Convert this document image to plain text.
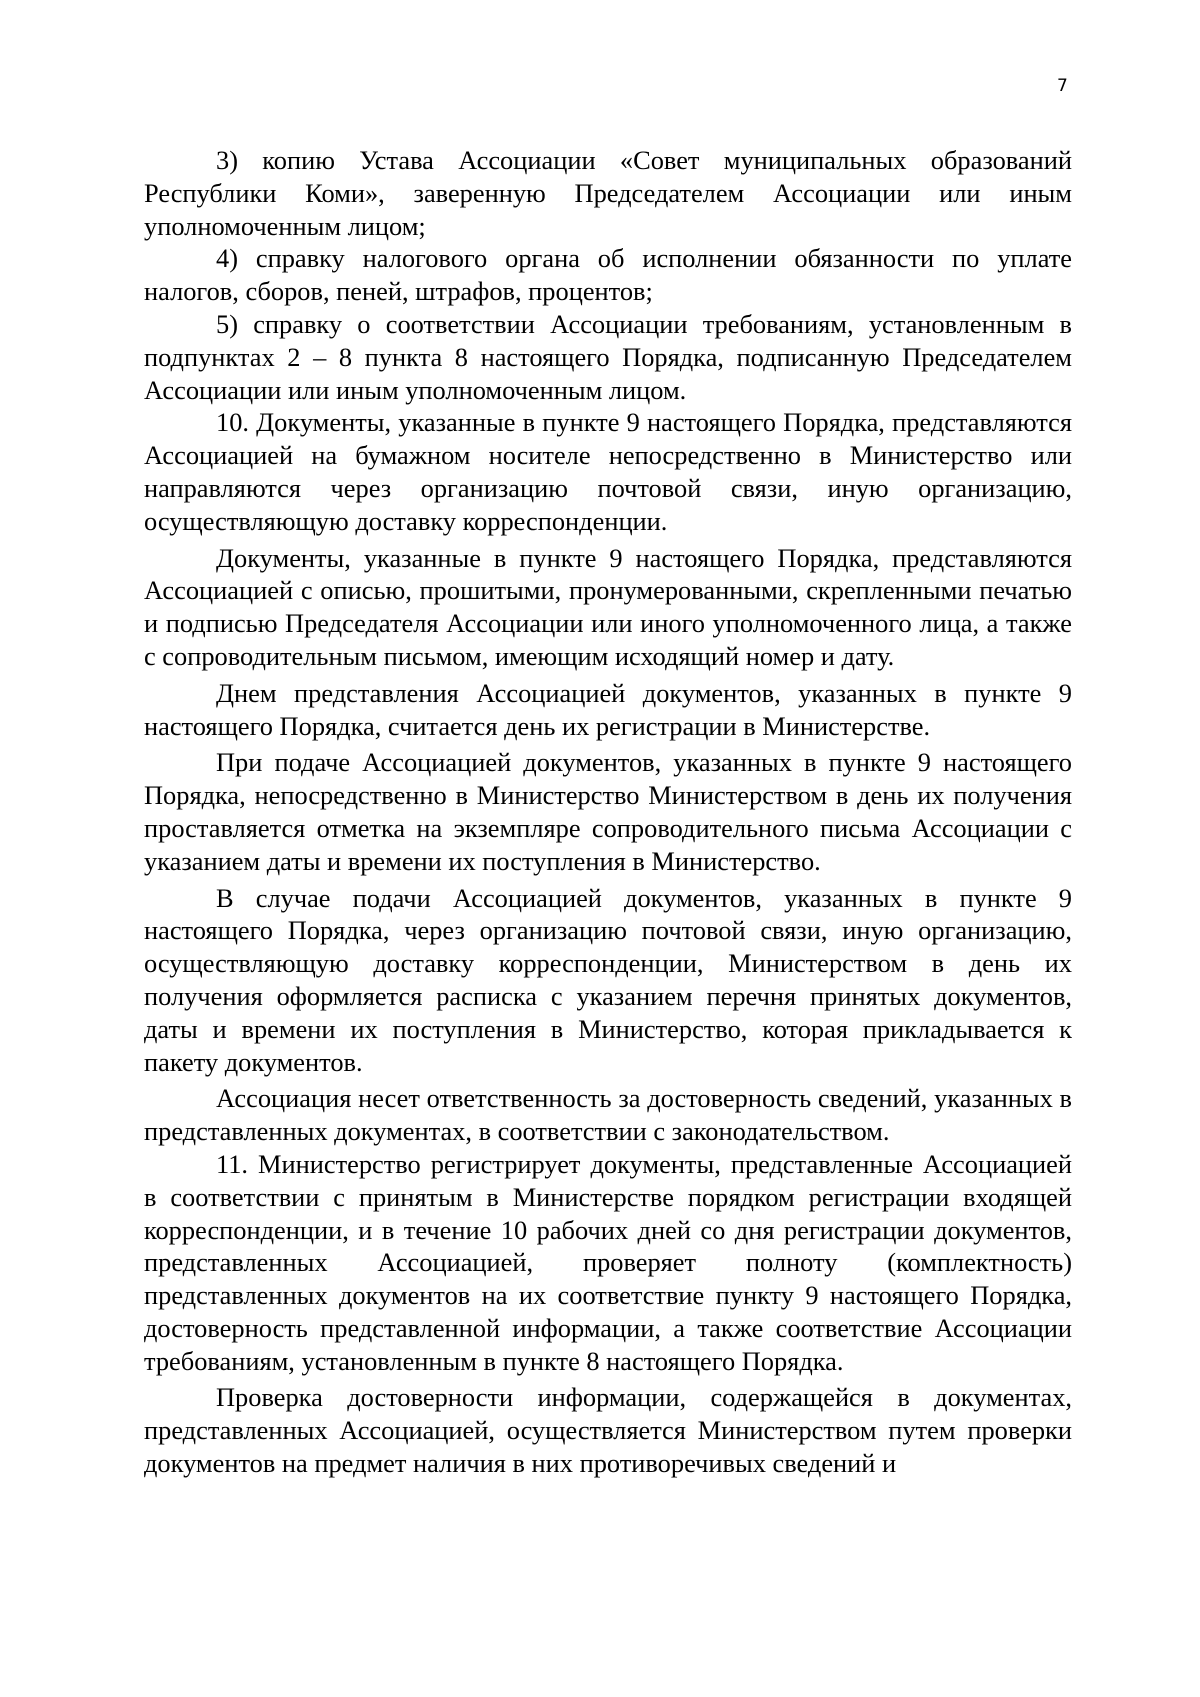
7

3) копию Устава Ассоциации «Совет муниципальных образований Республики Коми», заверенную Председателем Ассоциации или иным уполномоченным лицом;

4) справку налогового органа об исполнении обязанности по уплате налогов, сборов, пеней, штрафов, процентов;

5) справку о соответствии Ассоциации требованиям, установленным в подпунктах 2 – 8 пункта 8 настоящего Порядка, подписанную Председателем Ассоциации или иным уполномоченным лицом.

10. Документы, указанные в пункте 9 настоящего Порядка, представляются Ассоциацией на бумажном носителе непосредственно в Министерство или направляются через организацию почтовой связи, иную организацию, осуществляющую доставку корреспонденции.

Документы, указанные в пункте 9 настоящего Порядка, представляются Ассоциацией с описью, прошитыми, пронумерованными, скрепленными печатью и подписью Председателя Ассоциации или иного уполномоченного лица, а также с сопроводительным письмом, имеющим исходящий номер и дату.

Днем представления Ассоциацией документов, указанных в пункте 9 настоящего Порядка, считается день их регистрации в Министерстве.

При подаче Ассоциацией документов, указанных в пункте 9 настоящего Порядка, непосредственно в Министерство Министерством в день их получения проставляется отметка на экземпляре сопроводительного письма Ассоциации с указанием даты и времени их поступления в Министерство.

В случае подачи Ассоциацией документов, указанных в пункте 9 настоящего Порядка, через организацию почтовой связи, иную организацию, осуществляющую доставку корреспонденции, Министерством в день их получения оформляется расписка с указанием перечня принятых документов, даты и времени их поступления в Министерство, которая прикладывается к пакету документов.

Ассоциация несет ответственность за достоверность сведений, указанных в представленных документах, в соответствии с законодательством.

11. Министерство регистрирует документы, представленные Ассоциацией в соответствии с принятым в Министерстве порядком регистрации входящей корреспонденции, и в течение 10 рабочих дней со дня регистрации документов, представленных Ассоциацией, проверяет полноту (комплектность) представленных документов на их соответствие пункту 9 настоящего Порядка, достоверность представленной информации, а также соответствие Ассоциации требованиям, установленным в пункте 8 настоящего Порядка.

Проверка достоверности информации, содержащейся в документах, представленных Ассоциацией, осуществляется Министерством путем проверки документов на предмет наличия в них противоречивых сведений и
